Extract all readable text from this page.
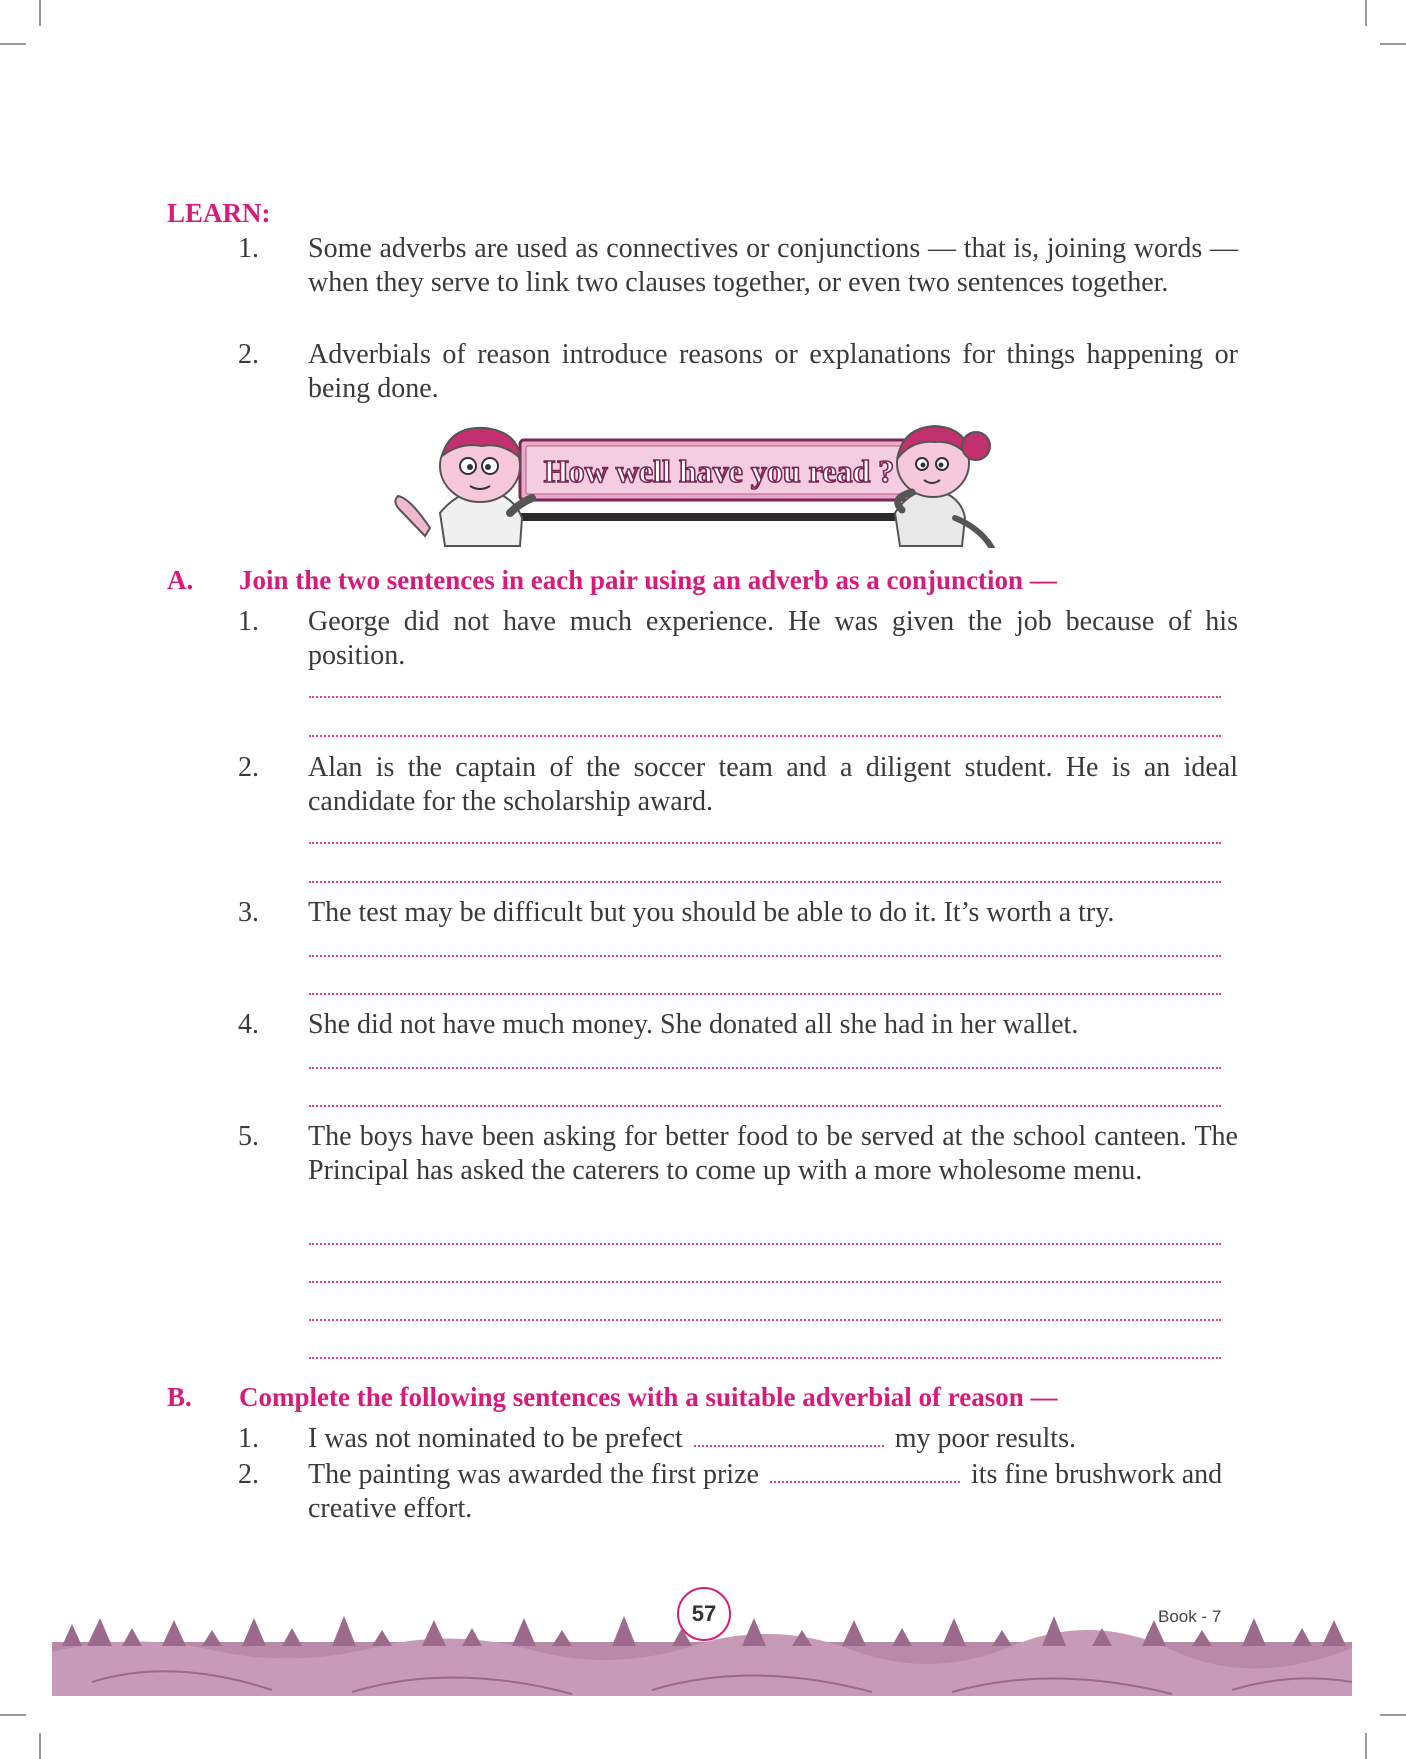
LEARN:
1.	Some adverbs are used as connectives or conjunctions — that is, joining words — when they serve to link two clauses together, or even two sentences together.
2.	Adverbials of reason introduce reasons or explanations for things happening or being done.
How well have you read ?
A. Join the two sentences in each pair using an adverb as a conjunction —
1.	George did not have much experience. He was given the job because of his position.
2.	Alan is the captain of the soccer team and a diligent student. He is an ideal candidate for the scholarship award.
3.	The test may be difficult but you should be able to do it. It’s worth a try.
4.	She did not have much money. She donated all she had in her wallet.
5.	The boys have been asking for better food to be served at the school canteen. The Principal has asked the caterers to come up with a more wholesome menu.
B. Complete the following sentences with a suitable adverbial of reason —
1.	I was not nominated to be prefect	my poor results.
2.	The painting was awarded the first prize	its fine brushwork and creative effort.
57	Book - 7
